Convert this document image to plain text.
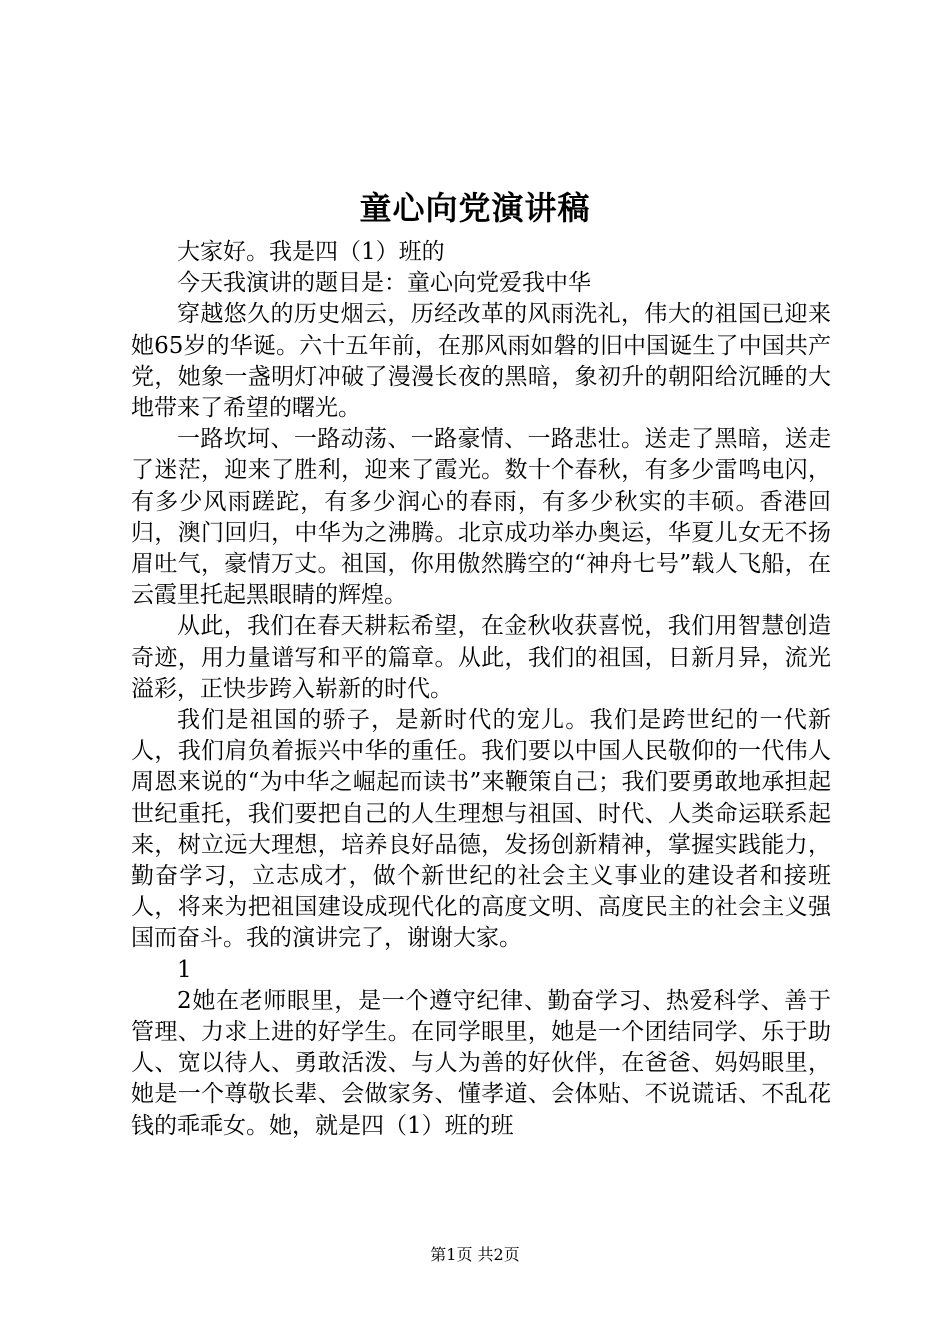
童心向党演讲稿

大家好。我是四（1）班的

今天我演讲的题目是：童心向党爱我中华

穿越悠久的历史烟云，历经改革的风雨洗礼，伟大的祖国已迎来她65岁的华诞。六十五年前，在那风雨如磐的旧中国诞生了中国共产党，她象一盏明灯冲破了漫漫长夜的黑暗，象初升的朝阳给沉睡的大地带来了希望的曙光。

一路坎坷、一路动荡、一路豪情、一路悲壮。送走了黑暗，送走了迷茫，迎来了胜利，迎来了霞光。数十个春秋，有多少雷鸣电闪，有多少风雨蹉跎，有多少润心的春雨，有多少秋实的丰硕。香港回归，澳门回归，中华为之沸腾。北京成功举办奥运，华夏儿女无不扬眉吐气，豪情万丈。祖国，你用傲然腾空的“神舟七号”载人飞船，在云霞里托起黑眼睛的辉煌。

从此，我们在春天耕耘希望，在金秋收获喜悦，我们用智慧创造奇迹，用力量谱写和平的篇章。从此，我们的祖国，日新月异，流光溢彩，正快步跨入崭新的时代。

我们是祖国的骄子，是新时代的宠儿。我们是跨世纪的一代新人，我们肩负着振兴中华的重任。我们要以中国人民敬仰的一代伟人周恩来说的“为中华之崛起而读书”来鞭策自己；我们要勇敢地承担起世纪重托，我们要把自己的人生理想与祖国、时代、人类命运联系起来，树立远大理想，培养良好品德，发扬创新精神，掌握实践能力，勤奋学习，立志成才，做个新世纪的社会主义事业的建设者和接班人，将来为把祖国建设成现代化的高度文明、高度民主的社会主义强国而奋斗。我的演讲完了，谢谢大家。

1

2她在老师眼里，是一个遵守纪律、勤奋学习、热爱科学、善于管理、力求上进的好学生。在同学眼里，她是一个团结同学、乐于助人、宽以待人、勇敢活泼、与人为善的好伙伴，在爸爸、妈妈眼里，她是一个尊敬长辈、会做家务、懂孝道、会体贴、不说谎话、不乱花钱的乖乖女。她，就是四（1）班的班

第1页 共2页
